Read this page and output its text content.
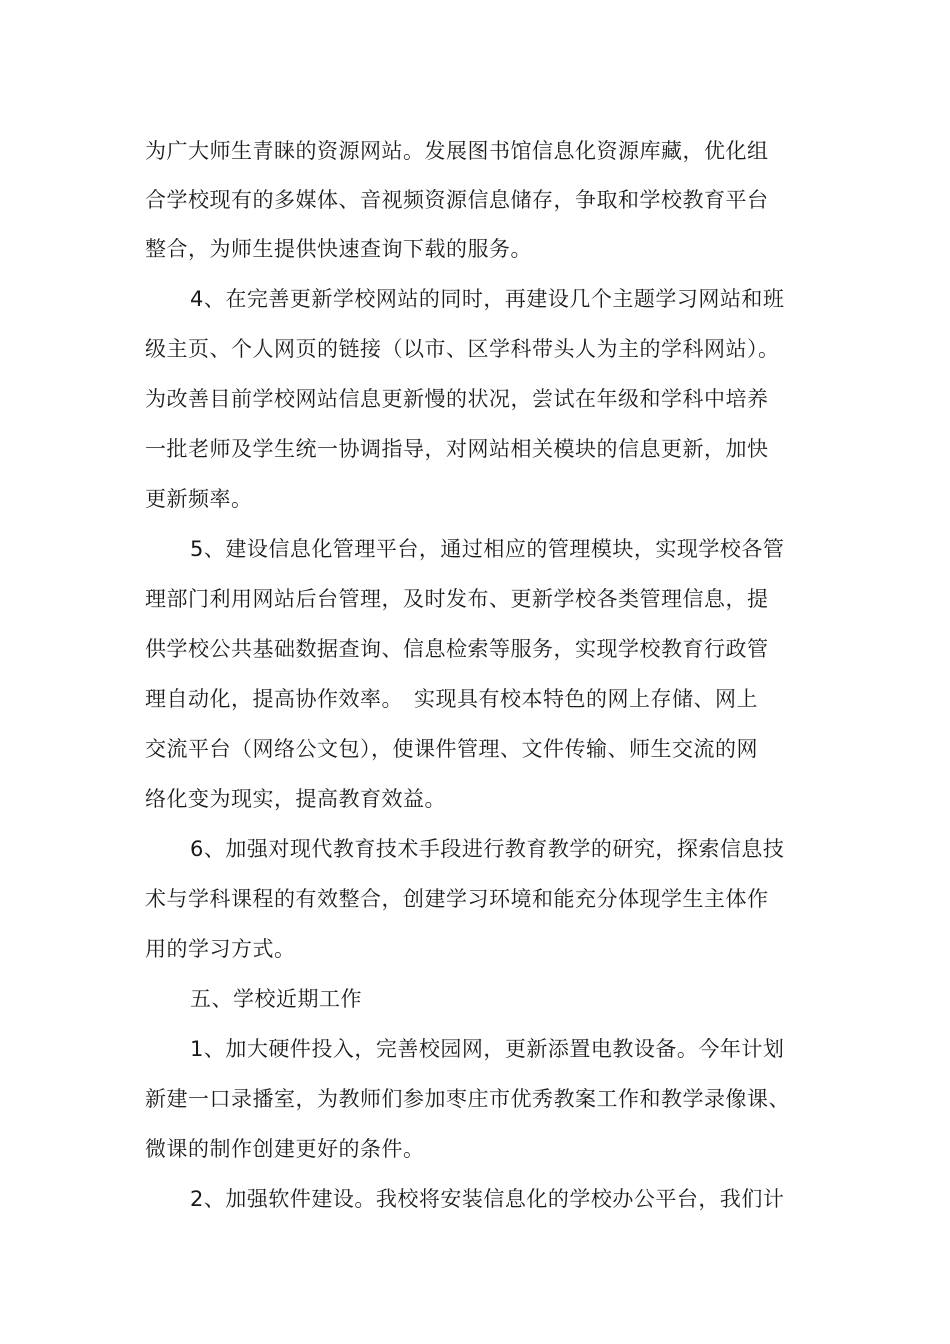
为广大师生青睐的资源网站。发展图书馆信息化资源库藏，优化组

合学校现有的多媒体、音视频资源信息储存，争取和学校教育平台

整合，为师生提供快速查询下载的服务。

4、在完善更新学校网站的同时，再建设几个主题学习网站和班

级主页、个人网页的链接（以市、区学科带头人为主的学科网站）。

为改善目前学校网站信息更新慢的状况，尝试在年级和学科中培养

一批老师及学生统一协调指导，对网站相关模块的信息更新，加快

更新频率。

5、建设信息化管理平台，通过相应的管理模块，实现学校各管

理部门利用网站后台管理，及时发布、更新学校各类管理信息，提

供学校公共基础数据查询、信息检索等服务，实现学校教育行政管

理自动化，提高协作效率。　实现具有校本特色的网上存储、网上

交流平台（网络公文包），使课件管理、文件传输、师生交流的网

络化变为现实，提高教育效益。

6、加强对现代教育技术手段进行教育教学的研究，探索信息技

术与学科课程的有效整合，创建学习环境和能充分体现学生主体作

用的学习方式。

五、学校近期工作

1、加大硬件投入，完善校园网，更新添置电教设备。今年计划

新建一口录播室，为教师们参加枣庄市优秀教案工作和教学录像课、

微课的制作创建更好的条件。

2、加强软件建设。我校将安装信息化的学校办公平台，我们计
